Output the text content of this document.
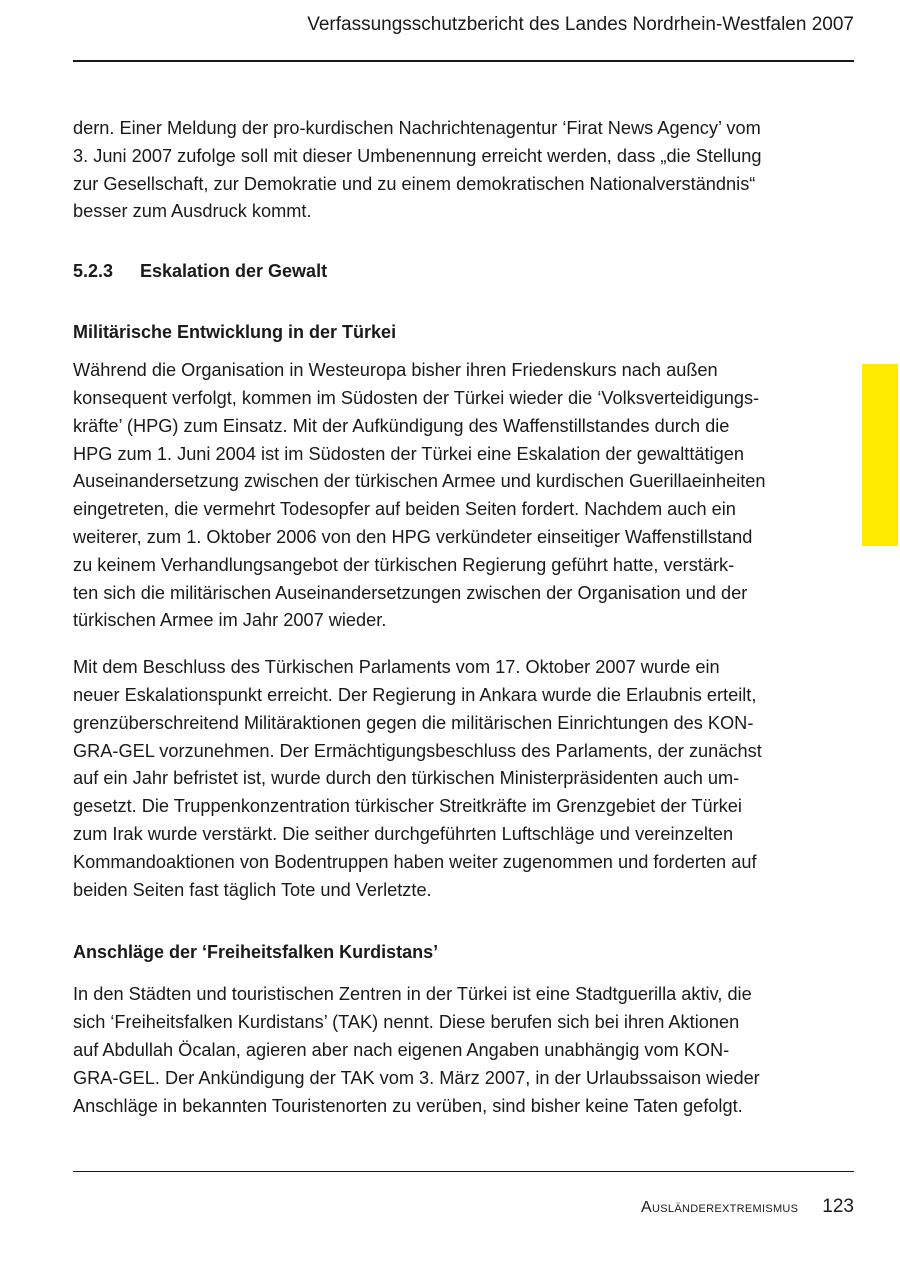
Verfassungsschutzbericht des Landes Nordrhein-Westfalen 2007

dern. Einer Meldung der pro-kurdischen Nachrichtenagentur ‘Firat News Agency’ vom
3. Juni 2007 zufolge soll mit dieser Umbenennung erreicht werden, dass „die Stellung
zur Gesellschaft, zur Demokratie und zu einem demokratischen Nationalverständnis“
besser zum Ausdruck kommt.

5.2.3 Eskalation der Gewalt
Militärische Entwicklung in der Türkei

Während die Organisation in Westeuropa bisher ihren Friedenskurs nach außen
konsequent verfolgt, kommen im Südosten der Türkei wieder die ‘Volksverteidigungs-
kräfte’ (HPG) zum Einsatz. Mit der Aufkündigung des Waffenstillstandes durch die
HPG zum 1. Juni 2004 ist im Südosten der Türkei eine Eskalation der gewalttätigen
Auseinandersetzung zwischen der türkischen Armee und kurdischen Guerillaeinheiten
eingetreten, die vermehrt Todesopfer auf beiden Seiten fordert. Nachdem auch ein
weiterer, zum 1. Oktober 2006 von den HPG verkündeter einseitiger Waffenstillstand
zu keinem Verhandlungsangebot der türkischen Regierung geführt hatte, verstärk-
ten sich die militärischen Auseinandersetzungen zwischen der Organisation und der
türkischen Armee im Jahr 2007 wieder.

Mit dem Beschluss des Türkischen Parlaments vom 17. Oktober 2007 wurde ein
neuer Eskalationspunkt erreicht. Der Regierung in Ankara wurde die Erlaubnis erteilt,
grenzüberschreitend Militäraktionen gegen die militärischen Einrichtungen des KON-
GRA-GEL vorzunehmen. Der Ermächtigungsbeschluss des Parlaments, der zunächst
auf ein Jahr befristet ist, wurde durch den türkischen Ministerpräsidenten auch um-
gesetzt. Die Truppenkonzentration türkischer Streitkräfte im Grenzgebiet der Türkei
zum Irak wurde verstärkt. Die seither durchgeführten Luftschläge und vereinzelten
Kommandoaktionen von Bodentruppen haben weiter zugenommen und forderten auf
beiden Seiten fast täglich Tote und Verletzte.

Anschläge der ‘Freiheitsfalken Kurdistans’

In den Städten und touristischen Zentren in der Türkei ist eine Stadtguerilla aktiv, die
sich ‘Freiheitsfalken Kurdistans’ (TAK) nennt. Diese berufen sich bei ihren Aktionen
auf Abdullah Öcalan, agieren aber nach eigenen Angaben unabhängig vom KON-
GRA-GEL. Der Ankündigung der TAK vom 3. März 2007, in der Urlaubssaison wieder
Anschläge in bekannten Touristenorten zu verüben, sind bisher keine Taten gefolgt.

Ausländerextremismus 123
